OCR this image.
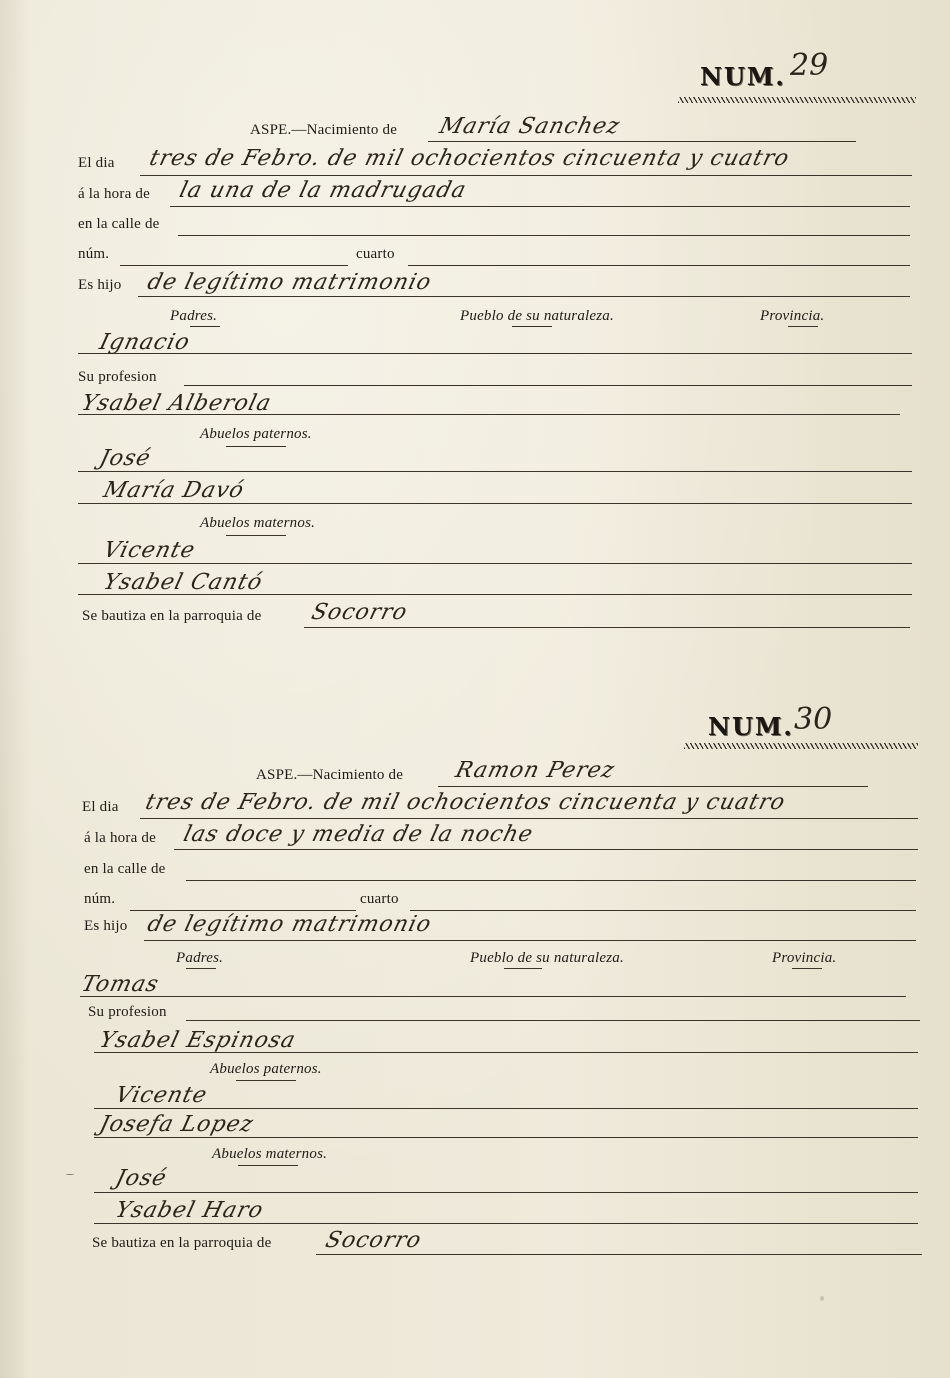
NUM. 29
ASPE.—Nacimiento de María Sanchez
El dia tres de Febro. de mil ochocientos cincuenta y cuatro
á la hora de la una de la madrugada
en la calle de
núm.	cuarto
Es hijo de legítimo matrimonio
Padres.	Pueblo de su naturaleza.	Provincia.
Ignacio
Su profesion
Ysabel Alberola
Abuelos paternos.
José
María Davó
Abuelos maternos.
Vicente
Ysabel Cantó
Se bautiza en la parroquia de Socorro
NUM. 30
ASPE.—Nacimiento de Ramon Perez
El dia tres de Febro. de mil ochocientos cincuenta y cuatro
á la hora de las doce y media de la noche
en la calle de
núm.	cuarto
Es hijo de legítimo matrimonio
Padres.	Pueblo de su naturaleza.	Provincia.
Tomas
Su profesion
Ysabel Espinosa
Abuelos paternos.
Vicente
Josefa Lopez
Abuelos maternos.
José
Ysabel Haro
Se bautiza en la parroquia de Socorro
